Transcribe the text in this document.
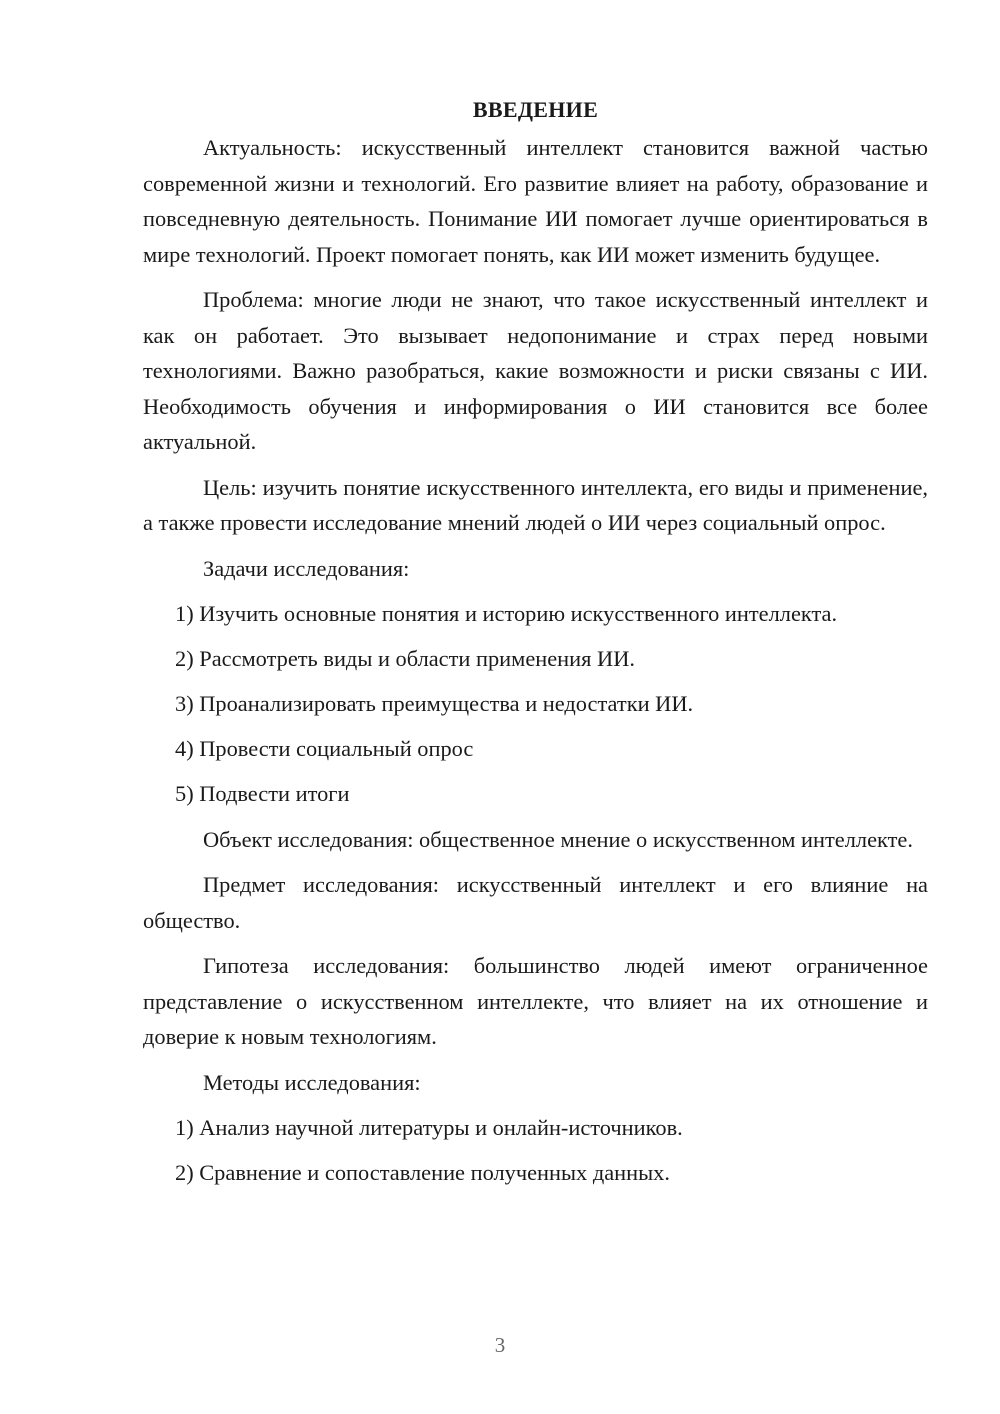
ВВЕДЕНИЕ

Актуальность: искусственный интеллект становится важной частью современной жизни и технологий. Его развитие влияет на работу, образование и повседневную деятельность. Понимание ИИ помогает лучше ориентироваться в мире технологий. Проект помогает понять, как ИИ может изменить будущее.

Проблема: многие люди не знают, что такое искусственный интеллект и как он работает. Это вызывает недопонимание и страх перед новыми технологиями. Важно разобраться, какие возможности и риски связаны с ИИ. Необходимость обучения и информирования о ИИ становится все более актуальной.

Цель: изучить понятие искусственного интеллекта, его виды и применение, а также провести исследование мнений людей о ИИ через социальный опрос.

Задачи исследования:

1) Изучить основные понятия и историю искусственного интеллекта.
2) Рассмотреть виды и области применения ИИ.
3) Проанализировать преимущества и недостатки ИИ.
4) Провести социальный опрос
5) Подвести итоги

Объект исследования: общественное мнение о искусственном интеллекте.

Предмет исследования: искусственный интеллект и его влияние на общество.

Гипотеза исследования: большинство людей имеют ограниченное представление о искусственном интеллекте, что влияет на их отношение и доверие к новым технологиям.

Методы исследования:

1) Анализ научной литературы и онлайн-источников.
2) Сравнение и сопоставление полученных данных.
3
